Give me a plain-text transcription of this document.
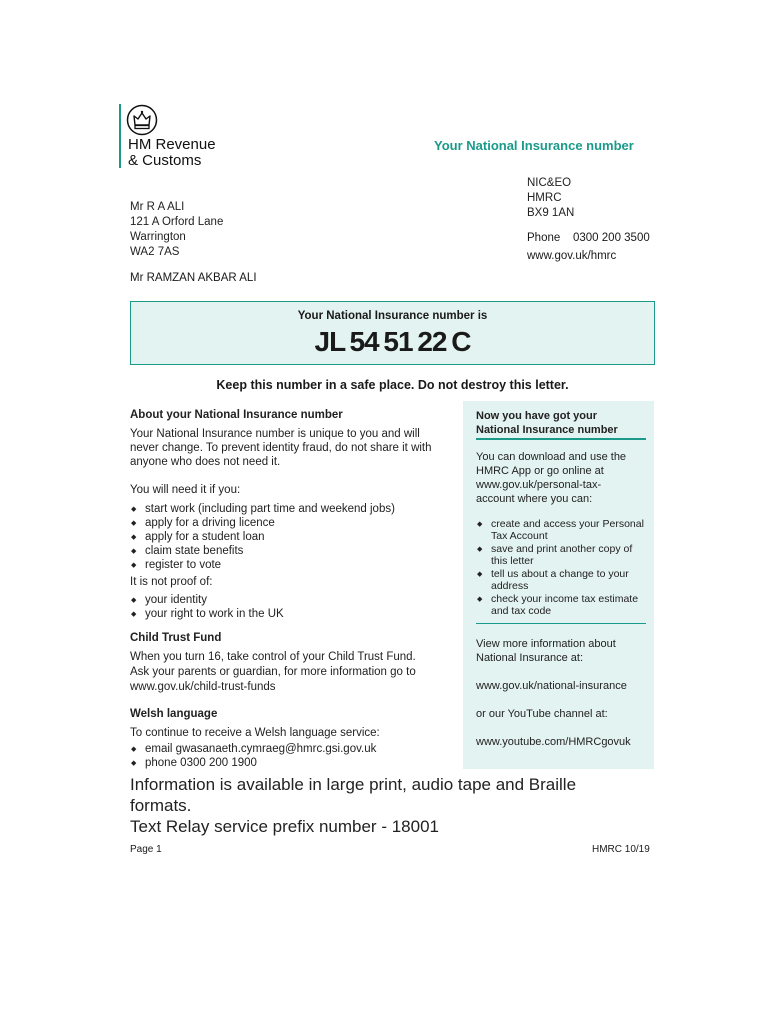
HM Revenue
& Customs
Your National Insurance number
NIC&EO
HMRC
BX9 1AN
Phone 0300 200 3500
www.gov.uk/hmrc
Mr R A ALI
121 A Orford Lane
Warrington
WA2 7AS
Mr RAMZAN AKBAR ALI
Your National Insurance number is
JL 54 51 22 C
Keep this number in a safe place. Do not destroy this letter.
About your National Insurance number
Your National Insurance number is unique to you and will
never change. To prevent identity fraud, do not share it with
anyone who does not need it.
You will need it if you:
◆ start work (including part time and weekend jobs)
◆ apply for a driving licence
◆ apply for a student loan
◆ claim state benefits
◆ register to vote
It is not proof of:
◆ your identity
◆ your right to work in the UK
Child Trust Fund
When you turn 16, take control of your Child Trust Fund.
Ask your parents or guardian, for more information go to
www.gov.uk/child-trust-funds
Welsh language
To continue to receive a Welsh language service:
◆ email gwasanaeth.cymraeg@hmrc.gsi.gov.uk
◆ phone 0300 200 1900
Now you have got your
National Insurance number
You can download and use the
HMRC App or go online at
www.gov.uk/personal-tax-
account where you can:
◆ create and access your Personal Tax Account
◆ save and print another copy of this letter
◆ tell us about a change to your address
◆ check your income tax estimate and tax code
View more information about
National Insurance at:
www.gov.uk/national-insurance
or our YouTube channel at:
www.youtube.com/HMRCgovuk
Information is available in large print, audio tape and Braille
formats.
Text Relay service prefix number - 18001
Page 1	HMRC 10/19
